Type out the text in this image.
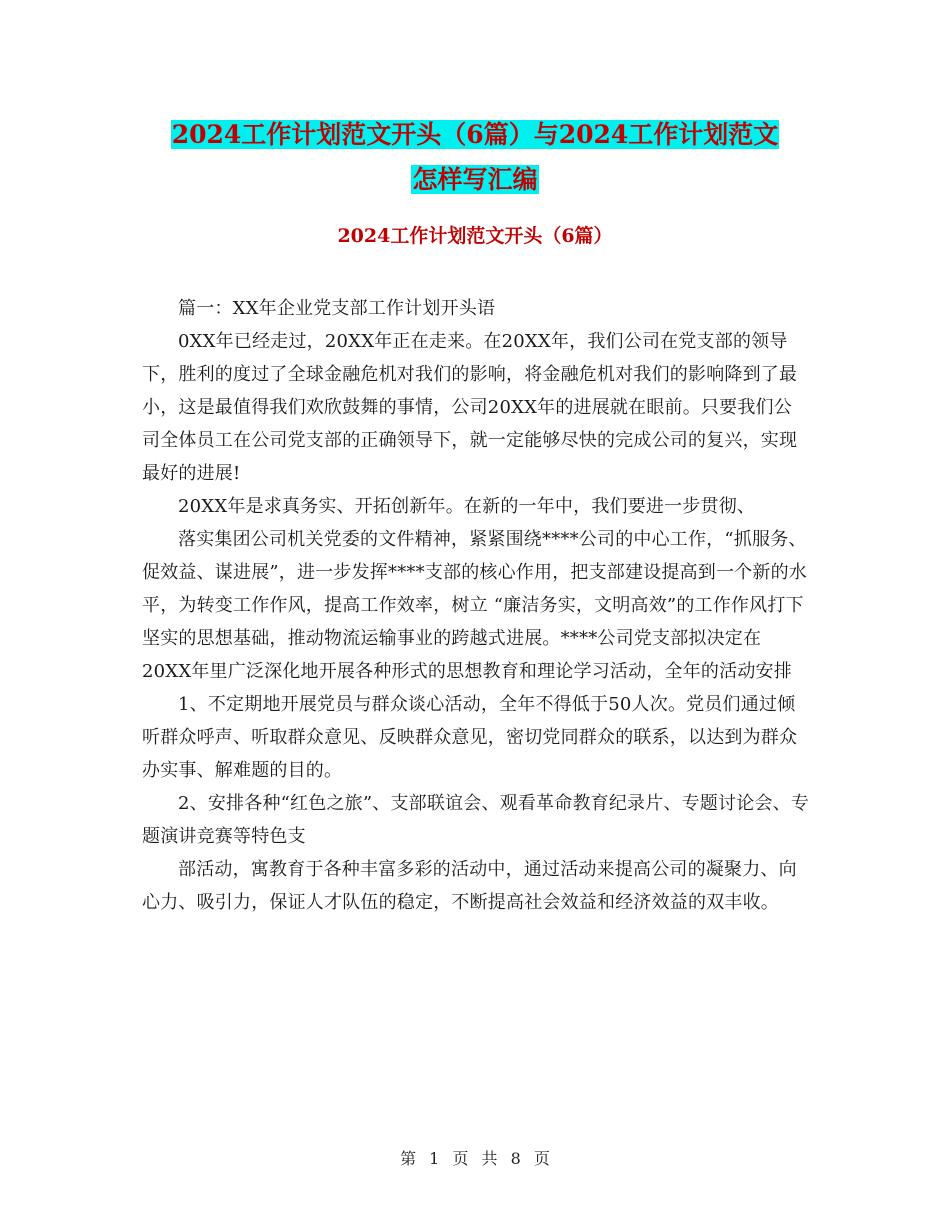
2024工作计划范文开头（6篇）与2024工作计划范文
怎样写汇编
2024工作计划范文开头（6篇）

篇一：XX年企业党支部工作计划开头语

0XX年已经走过，20XX年正在走来。在20XX年，我们公司在党支部的领导下，胜利的度过了全球金融危机对我们的影响，将金融危机对我们的影响降到了最小，这是最值得我们欢欣鼓舞的事情，公司20XX年的进展就在眼前。只要我们公司全体员工在公司党支部的正确领导下，就一定能够尽快的完成公司的复兴，实现最好的进展!

20XX年是求真务实、开拓创新年。在新的一年中，我们要进一步贯彻、

落实集团公司机关党委的文件精神，紧紧围绕****公司的中心工作，“抓服务、促效益、谋进展”，进一步发挥****支部的核心作用，把支部建设提高到一个新的水平，为转变工作作风，提高工作效率，树立 “廉洁务实，文明高效”的工作作风打下坚实的思想基础，推动物流运输事业的跨越式进展。****公司党支部拟决定在20XX年里广泛深化地开展各种形式的思想教育和理论学习活动，全年的活动安排

1、不定期地开展党员与群众谈心活动，全年不得低于50人次。党员们通过倾听群众呼声、听取群众意见、反映群众意见，密切党同群众的联系，以达到为群众办实事、解难题的目的。

2、安排各种“红色之旅”、支部联谊会、观看革命教育纪录片、专题讨论会、专题演讲竞赛等特色支

部活动，寓教育于各种丰富多彩的活动中，通过活动来提高公司的凝聚力、向心力、吸引力，保证人才队伍的稳定，不断提高社会效益和经济效益的双丰收。

第 1 页 共 8 页
